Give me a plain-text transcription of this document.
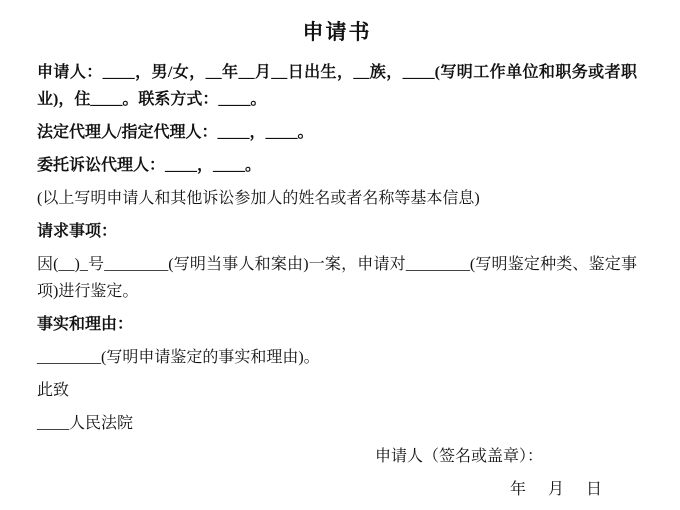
申请书

申请人：____，男/女，__年__月__日出生，__族，____(写明工作单位和职务或者职业)，住____。联系方式：____。

法定代理人/指定代理人：____，____。

委托诉讼代理人：____，____。

(以上写明申请人和其他诉讼参加人的姓名或者名称等基本信息)

请求事项：

因(__)_号________(写明当事人和案由)一案，申请对________(写明鉴定种类、鉴定事项)进行鉴定。

事实和理由：

________(写明申请鉴定的事实和理由)。

此致

____人民法院

申请人（签名或盖章）：

年 月 日
